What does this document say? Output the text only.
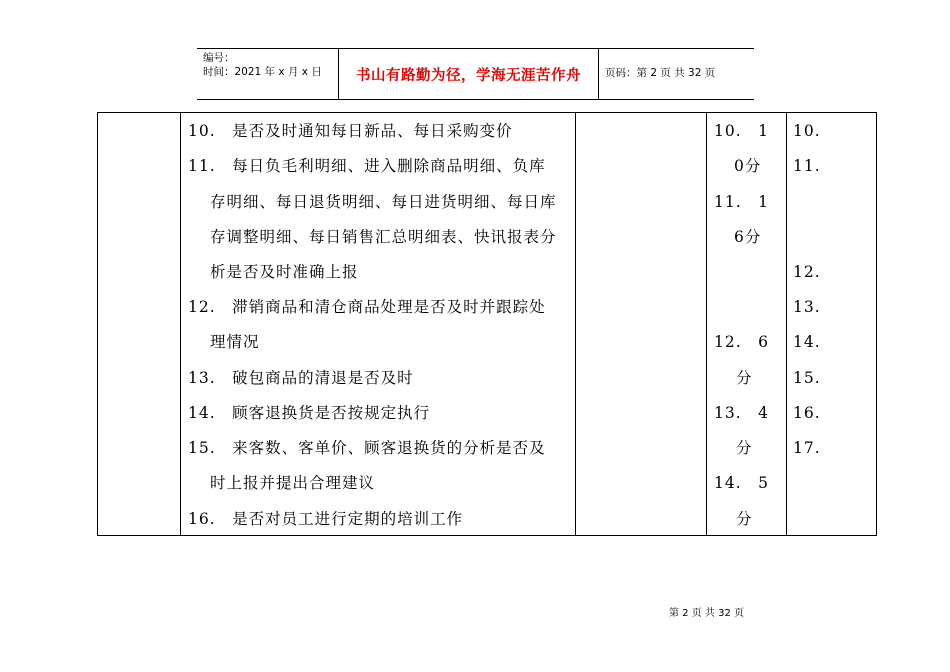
编号：
时间：2021 年 x 月 x 日	书山有路勤为径，学海无涯苦作舟	页码：第 2 页 共 32 页
10.　是否及时通知每日新品、每日采购变价
11.　每日负毛利明细、进入删除商品明细、负库
存明细、每日退货明细、每日进货明细、每日库
存调整明细、每日销售汇总明细表、快讯报表分
析是否及时准确上报
12.　滞销商品和清仓商品处理是否及时并跟踪处
理情况
13.　破包商品的清退是否及时
14.　顾客退换货是否按规定执行
15.　来客数、客单价、顾客退换货的分析是否及
时上报并提出合理建议
16.　是否对员工进行定期的培训工作
10.　1
0分
11.　1
6分
12.　6
分
13.　4
分
14.　5
分
10.
11.
12.
13.
14.
15.
16.
17.
第 2 页 共 32 页
